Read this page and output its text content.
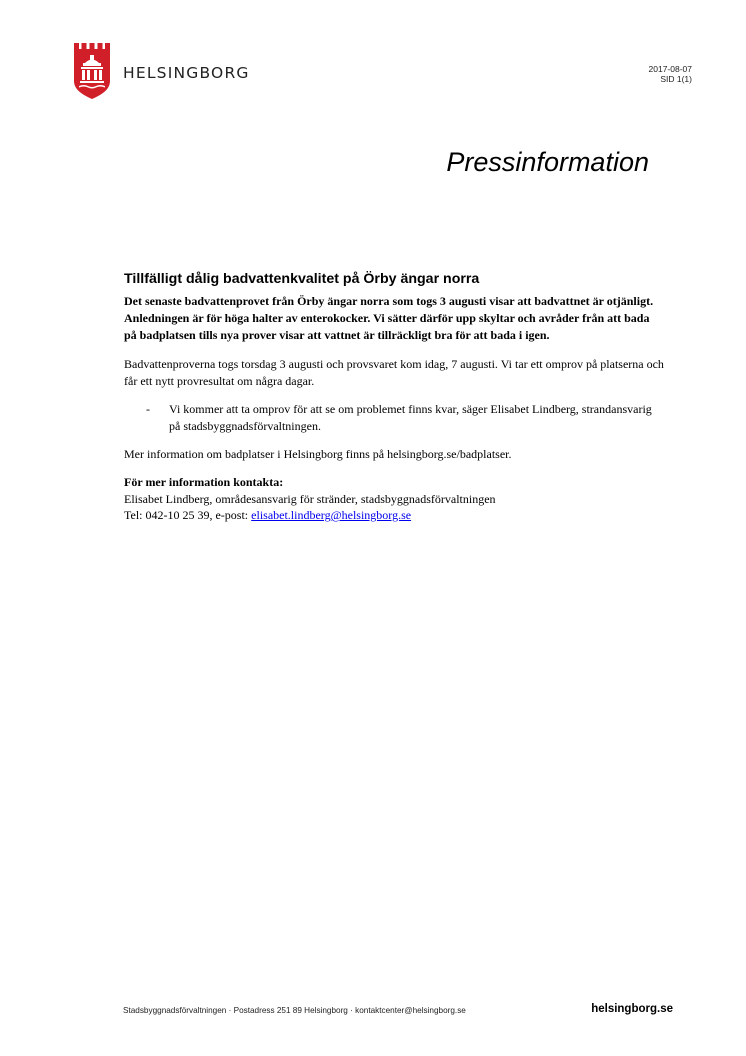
HELSINGBORG	2017-08-07
SID 1(1)
Pressinformation
Tillfälligt dålig badvattenkvalitet på Örby ängar norra
Det senaste badvattenprovet från Örby ängar norra som togs 3 augusti visar att badvattnet är otjänligt. Anledningen är för höga halter av enterokocker. Vi sätter därför upp skyltar och avråder från att bada på badplatsen tills nya prover visar att vattnet är tillräckligt bra för att bada i igen.
Badvattenproverna togs torsdag 3 augusti och provsvaret kom idag, 7 augusti. Vi tar ett omprov på platserna och får ett nytt provresultat om några dagar.
- Vi kommer att ta omprov för att se om problemet finns kvar, säger Elisabet Lindberg, strandansvarig på stadsbyggnadsförvaltningen.
Mer information om badplatser i Helsingborg finns på helsingborg.se/badplatser.
För mer information kontakta:
Elisabet Lindberg, områdesansvarig för stränder, stadsbyggnadsförvaltningen
Tel: 042-10 25 39, e-post: elisabet.lindberg@helsingborg.se
Stadsbyggnadsförvaltningen · Postadress 251 89 Helsingborg · kontaktcenter@helsingborg.se	helsingborg.se
